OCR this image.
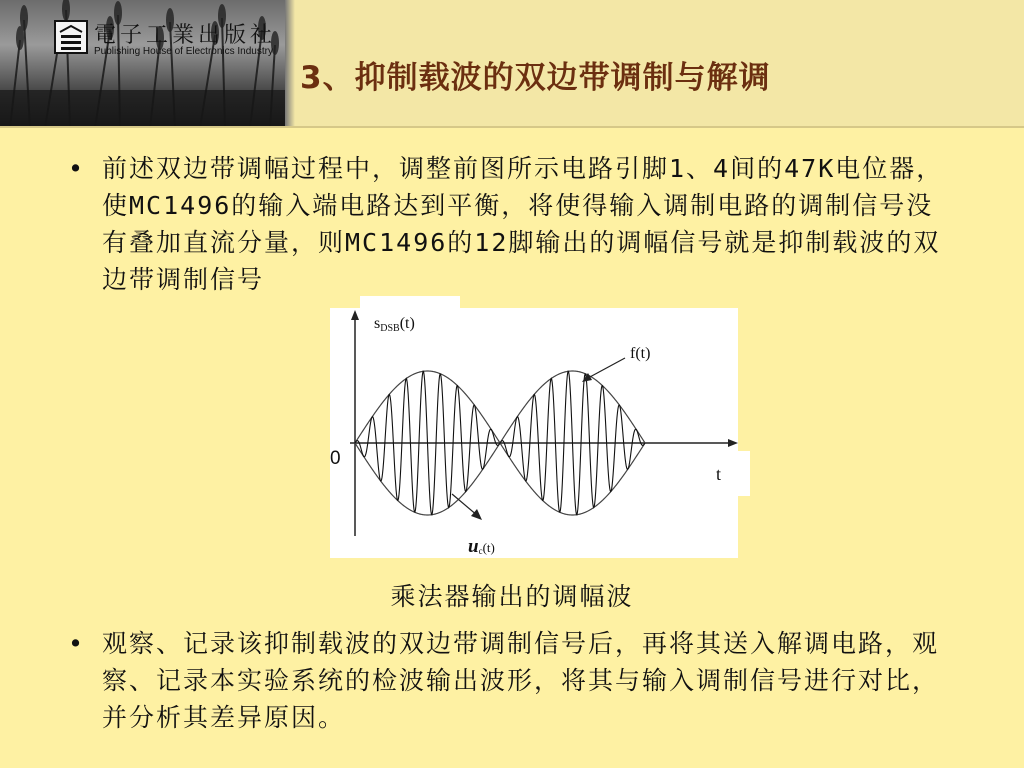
電子工業出版社
Publishing House of Electronics Industry
3、抑制载波的双边带调制与解调
• 前述双边带调幅过程中，调整前图所示电路引脚1、4间的47K电位器，使MC1496的输入端电路达到平衡，将使得输入调制电路的调制信号没有叠加直流分量，则MC1496的12脚输出的调幅信号就是抑制载波的双边带调制信号
sDSB(t)
f(t)
0
t
uc(t)
乘法器输出的调幅波
• 观察、记录该抑制载波的双边带调制信号后，再将其送入解调电路，观察、记录本实验系统的检波输出波形，将其与输入调制信号进行对比，并分析其差异原因。
